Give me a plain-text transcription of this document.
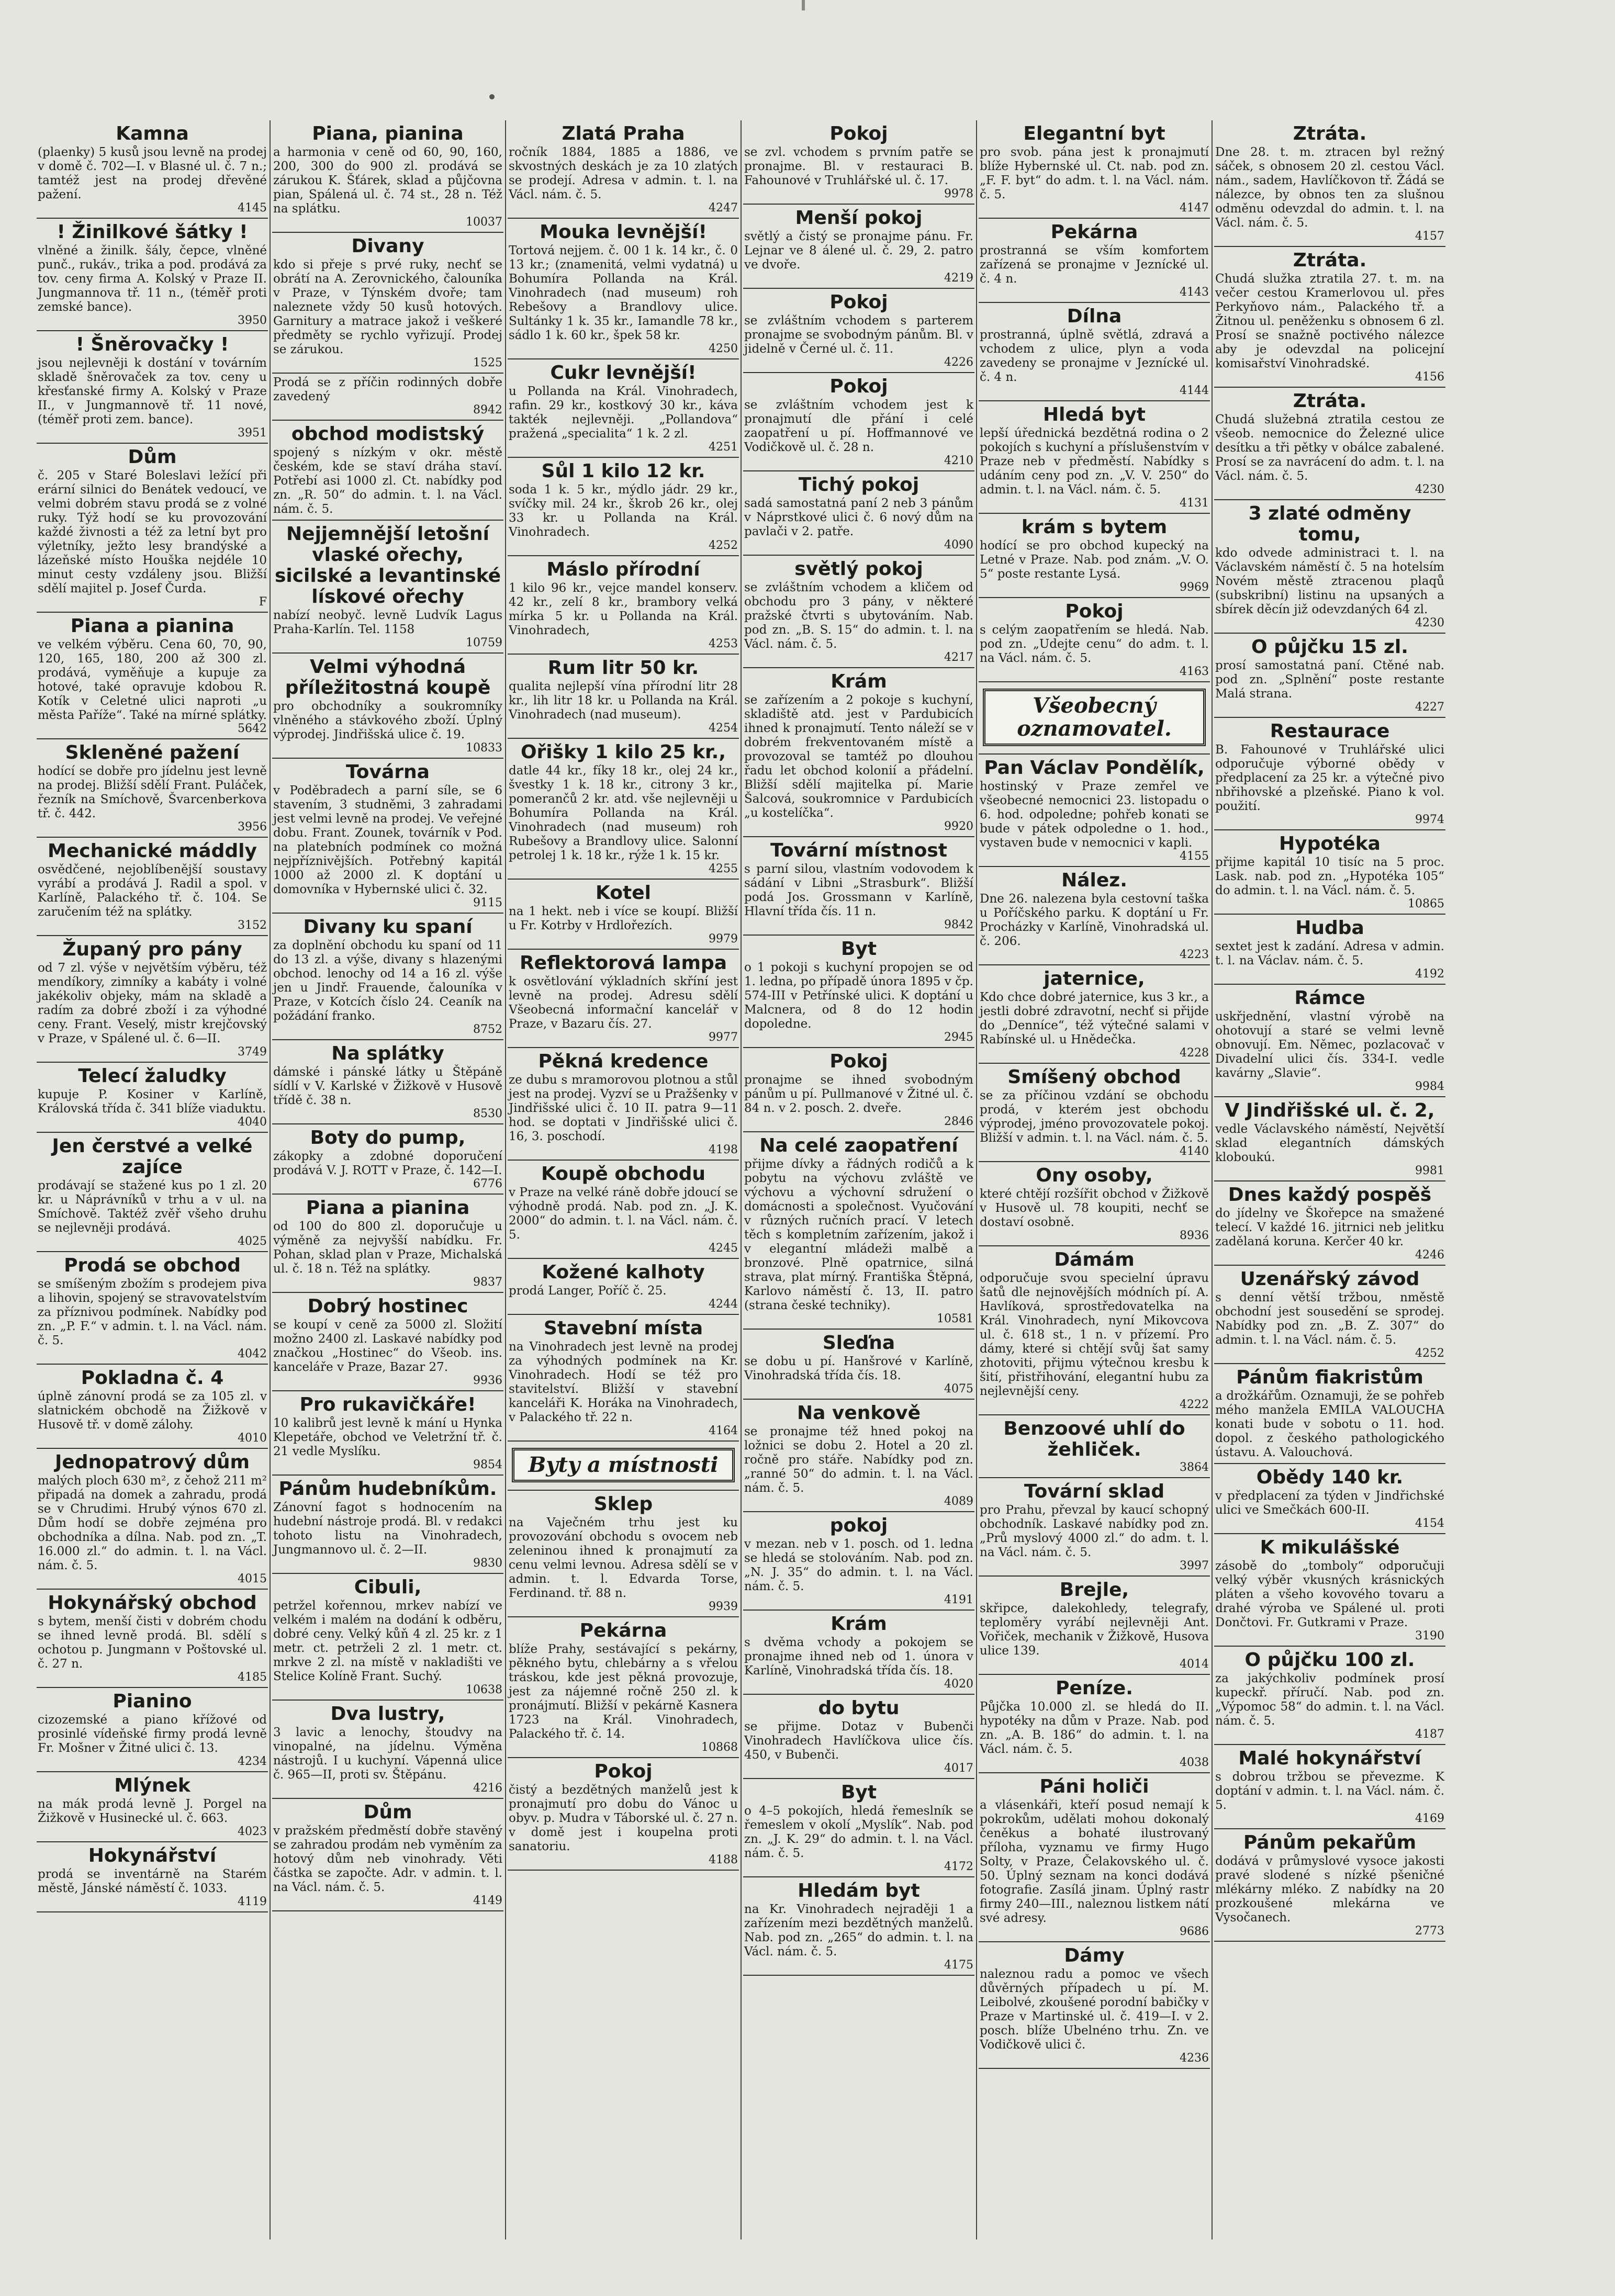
Kamna

(plaenky) 5 kusů jsou levně na prodej v domě č. 702—I. v Blasné ul. č. 7 n.; tamtéž jest na prodej dřevěné pažení.

4145

! Žinilkové šátky !

vlněné a žinilk. šály, čepce, vlněné punč., rukáv., trika a pod. prodává za tov. ceny firma A. Kolský v Praze II. Jungmannova tř. 11 n., (téměř proti zemské bance).

3950

! Šněrovačky !

jsou nejlevněji k dostání v továrním skladě šněrovaček za tov. ceny u křesťanské firmy A. Kolský v Praze II., v Jungmannově tř. 11 nové, (téměř proti zem. bance).

3951

Dům

č. 205 v Staré Boleslavi ležící při erární silnici do Benátek vedoucí, ve velmi dobrém stavu prodá se z volné ruky. Týž hodí se ku provozování každé živnosti a též za letní byt pro výletníky, ježto lesy brandýské a lázeňské místo Houška nejdéle 10 minut cesty vzdáleny jsou. Bližší sdělí majitel p. Josef Čurda.

F

Piana a pianina

ve velkém výběru. Cena 60, 70, 90, 120, 165, 180, 200 až 300 zl. prodává, vyměňuje a kupuje za hotové, také opravuje kdobou R. Kotík v Celetné ulici naproti „u města Paříže“. Také na mírné splátky.

5642

Skleněné pažení

hodící se dobře pro jídelnu jest levně na prodej. Bližší sdělí Frant. Puláček, řezník na Smíchově, Švarcenberkova tř. č. 442.

3956

Mechanické máddly

osvědčené, nejoblíbenější soustavy vyrábí a prodává J. Radil a spol. v Karlíně, Palackého tř. č. 104. Se zaručením též na splátky.

3152

Županý pro pány

od 7 zl. výše v největším výběru, též mendíkory, zimníky a kabáty i volné jakékoliv objeky, mám na skladě a radím za dobré zboží i za výhodné ceny. Frant. Veselý, mistr krejčovský v Praze, v Spálené ul. č. 6—II.

3749

Telecí žaludky

kupuje P. Kosiner v Karlíně, Královská třída č. 341 blíže viaduktu.

4040

Jen čerstvé a velké zajíce

prodávají se stažené kus po 1 zl. 20 kr. u Náprávníků v trhu a v ul. na Smíchově. Taktéž zvěř všeho druhu se nejlevněji prodává.

4025

Prodá se obchod

se smíšeným zbožím s prodejem piva a lihovin, spojený se stravovatelstvím za příznivou podmínek. Nabídky pod zn. „P. F.“ v admin. t. l. na Václ. nám. č. 5.

4042

Pokladna č. 4

úplně zánovní prodá se za 105 zl. v slatnickém obchodě na Žižkově v Husově tř. v domě zálohy.

4010

Jednopatrový dům

malých ploch 630 m², z čehož 211 m² připadá na domek a zahradu, prodá se v Chrudimi. Hrubý výnos 670 zl. Dům hodí se dobře zejména pro obchodníka a dílna. Nab. pod zn. „T. 16.000 zl.“ do admin. t. l. na Václ. nám. č. 5.

4015

Hokynářský obchod

s bytem, menší čisti v dobrém chodu se ihned levně prodá. Bl. sdělí s ochotou p. Jungmann v Poštovské ul. č. 27 n.

4185

Pianino

cizozemské a piano křížové od prosinlé vídeňské firmy prodá levně Fr. Mošner v Žitné ulici č. 13.

4234

Mlýnek

na mák prodá levně J. Porgel na Žižkově v Husinecké ul. č. 663.

4023

Hokynářství

prodá se inventárně na Starém městě, Jánské náměstí č. 1033.

4119

Piana, pianina

a harmonia v ceně od 60, 90, 160, 200, 300 do 900 zl. prodává se zárukou K. Šťárek, sklad a půjčovna pian, Spálená ul. č. 74 st., 28 n. Též na splátku.

10037

Divany

kdo si přeje s prvé ruky, nechť se obrátí na A. Zerovnického, čalouníka v Praze, v Týnském dvoře; tam naleznete vždy 50 kusů hotových. Garnitury a matrace jakož i veškeré předměty se rychlo vyřizují. Prodej se zárukou.

1525

Prodá se z příčin rodinných dobře zavedený

8942

obchod modistský

spojený s nízkým v okr. městě českém, kde se staví dráha staví. Potřebí asi 1000 zl. Ct. nabídky pod zn. „R. 50“ do admin. t. l. na Václ. nám. č. 5.

Nejjemnější letošní vlaské ořechy, sicilské a levantinské lískové ořechy

nabízí neobyč. levně Ludvík Lagus Praha-Karlín. Tel. 1158

10759

Velmi výhodná příležitostná koupě

pro obchodníky a soukromníky vlněného a stávkového zboží. Úplný výprodej. Jindřišská ulice č. 19.

10833

Továrna

v Poděbradech a parní síle, se 6 stavením, 3 studněmi, 3 zahradami jest velmi levně na prodej. Ve veřejné dobu. Frant. Zounek, továrník v Pod. na platebních podmínek co možná nejpříznivějších. Potřebný kapitál 1000 až 2000 zl. K doptání u domovníka v Hybernské ulici č. 32.

9115

Divany ku spaní

za doplnění obchodu ku spaní od 11 do 13 zl. a výše, divany s hlazenými obchod. lenochy od 14 a 16 zl. výše jen u Jindř. Frauende, čalouníka v Praze, v Kotcích číslo 24. Ceaník na požádání franko.

8752

Na splátky

dámské i pánské látky u Štěpáně sídlí v V. Karlské v Žižkově v Husově třídě č. 38 n.

8530

Boty do pump,

zákopky a zdobné doporučení prodává V. J. ROTT v Praze, č. 142—I.

6776

Piana a pianina

od 100 do 800 zl. doporučuje u výměně za nejvyšší nabídku. Fr. Pohan, sklad plan v Praze, Michalská ul. č. 18 n. Též na splátky.

9837

Dobrý hostinec

se koupí v ceně za 5000 zl. Složití možno 2400 zl. Laskavé nabídky pod značkou „Hostinec“ do Všeob. ins. kanceláře v Praze, Bazar 27.

9936

Pro rukavičkáře!

10 kalibrů jest levně k mání u Hynka Klepetáře, obchod ve Veletržní tř. č. 21 vedle Myslíku.

9854

Pánům hudebníkům.

Zánovní fagot s hodnocením na hudební nástroje prodá. Bl. v redakci tohoto listu na Vinohradech, Jungmannovo ul. č. 2—II.

9830

Cibuli,

petržel kořennou, mrkev nabízí ve velkém i malém na dodání k odběru, dobré ceny. Velký kůň 4 zl. 25 kr. z 1 metr. ct. petrželi 2 zl. 1 metr. ct. mrkve 2 zl. na místě v nakladišti ve Stelice Kolíně Frant. Suchý.

10638

Dva lustry,

3 lavic a lenochy, štoudvy na vinopalné, na jídelnu. Výměna nástrojů. I u kuchyní. Vápenná ulice č. 965—II, proti sv. Štěpánu.

4216

Dům

v pražském předměstí dobře stavěný se zahradou prodám neb vyměním za hotový dům neb vinohrady. Věti částka se započte. Adr. v admin. t. l. na Václ. nám. č. 5.

4149

Zlatá Praha

ročník 1884, 1885 a 1886, ve skvostných deskách je za 10 zlatých se prodejí. Adresa v admin. t. l. na Václ. nám. č. 5.

4247

Mouka levnější!

Tortová nejjem. č. 00 1 k. 14 kr., č. 0 13 kr.; (znamenitá, velmi vydatná) u Bohumíra Pollanda na Král. Vinohradech (nad museum) roh Rebešovy a Brandlovy ulice. Sultánky 1 k. 35 kr., Iamandle 78 kr., sádlo 1 k. 60 kr., špek 58 kr.

4250

Cukr levnější!

u Pollanda na Král. Vinohradech, rafin. 29 kr., kostkový 30 kr., káva takték nejlevněji. „Pollandova“ pražená „specialita“ 1 k. 2 zl.

4251

Sůl 1 kilo 12 kr.

soda 1 k. 5 kr., mýdlo jádr. 29 kr., svíčky mil. 24 kr., škrob 26 kr., olej 33 kr. u Pollanda na Král. Vinohradech.

4252

Máslo přírodní

1 kilo 96 kr., vejce mandel konserv. 42 kr., zelí 8 kr., brambory velká mírka 5 kr. u Pollanda na Král. Vinohradech,

4253

Rum litr 50 kr.

qualita nejlepší vína přírodní litr 28 kr., lih litr 18 kr. u Pollanda na Král. Vinohradech (nad museum).

4254

Ořišky 1 kilo 25 kr.,

datle 44 kr., fíky 18 kr., olej 24 kr., švestky 1 k. 18 kr., citrony 3 kr., pomerančů 2 kr. atd. vše nejlevněji u Bohumíra Pollanda na Král. Vinohradech (nad museum) roh Rubešovy a Brandlovy ulice. Salonní petrolej 1 k. 18 kr., rýže 1 k. 15 kr.

4255

Kotel

na 1 hekt. neb i více se koupí. Bližší u Fr. Kotrby v Hrdlořezích.

9979

Reflektorová lampa

k osvětlování výkladních skříní jest levně na prodej. Adresu sdělí Všeobecná informační kancelář v Praze, v Bazaru čís. 27.

9977

Pěkná kredence

ze dubu s mramorovou plotnou a stůl jest na prodej. Vyzví se u Pražšenky v Jindřišské ulici č. 10 II. patra 9—11 hod. se doptati v Jindřišské ulici č. 16, 3. poschodí.

4198

Koupě obchodu

v Praze na velké ráně dobře jdoucí se výhodně prodá. Nab. pod zn. „J. K. 2000“ do admin. t. l. na Václ. nám. č. 5.

4245

Kožené kalhoty

prodá Langer, Poříč č. 25.

4244

Stavební místa

na Vinohradech jest levně na prodej za výhodných podmínek na Kr. Vinohradech. Hodí se též pro stavitelství. Bližší v stavební kanceláři K. Horáka na Vinohradech, v Palackého tř. 22 n.

4164

Byty a místnosti
Sklep

na Vaječném trhu jest ku provozování obchodu s ovocem neb zeleninou ihned k pronajmutí za cenu velmi levnou. Adresa sdělí se v admin. t. l. Edvarda Torse, Ferdinand. tř. 88 n.

9939

Pekárna

blíže Prahy, sestávající s pekárny, pěkného bytu, chlebárny a s vřelou tráskou, kde jest pěkná provozuje, jest za nájemné ročně 250 zl. k pronájmutí. Bližší v pekárně Kasnera 1723 na Král. Vinohradech, Palackého tř. č. 14.

10868

Pokoj

čistý a bezdětných manželů jest k pronajmutí pro dobu do Vánoc u obyv. p. Mudra v Táborské ul. č. 27 n. v domě jest i koupelna proti sanatoriu.

4188

Pokoj

se zvl. vchodem s prvním patře se pronajme. Bl. v restauraci B. Fahounové v Truhlářské ul. č. 17.

9978

Menší pokoj

světlý a čistý se pronajme pánu. Fr. Lejnar ve 8 álené ul. č. 29, 2. patro ve dvoře.

4219

Pokoj

se zvláštním vchodem s parterem pronajme se svobodným pánům. Bl. v jidelně v Černé ul. č. 11.

4226

Pokoj

se zvláštním vchodem jest k pronajmutí dle přání i celé zaopatření u pí. Hoffmannové ve Vodičkově ul. č. 28 n.

4210

Tichý pokoj

sadá samostatná paní 2 neb 3 pánům v Náprstkové ulici č. 6 nový dům na pavlači v 2. patře.

4090

světlý pokoj

se zvláštním vchodem a kličem od obchodu pro 3 pány, v některé pražské čtvrti s ubytováním. Nab. pod zn. „B. S. 15“ do admin. t. l. na Václ. nám. č. 5.

4217

Krám

se zařízením a 2 pokoje s kuchyní, skladiště atd. jest v Pardubicích ihned k pronajmutí. Tento náleží se v dobrém frekventovaném místě a provozoval se tamtéž po dlouhou řadu let obchod kolonií a přádelní. Bližší sdělí majitelka pí. Marie Šalcová, soukromnice v Pardubicích „u kostelíčka“.

9920

Tovární místnost

s parní silou, vlastním vodovodem k sádání v Libni „Strasburk“. Bližší podá Jos. Grossmann v Karlíně, Hlavní třída čís. 11 n.

9842

Byt

o 1 pokoji s kuchyní propojen se od 1. ledna, po případě února 1895 v čp. 574-III v Petřínské ulici. K doptání u Malcnera, od 8 do 12 hodin dopoledne.

2945

Pokoj

pronajme se ihned svobodným pánům u pí. Pullmanové v Žitné ul. č. 84 n. v 2. posch. 2. dveře.

2846

Na celé zaopatření

přijme dívky a řádných rodičů a k pobytu na výchovu zvláště ve výchovu a výchovní sdružení o domácnosti a společnost. Vyučování v různých ručních prací. V letech těch s kompletním zařízením, jakož i v elegantní mládeži malbě a bronzové. Plně opatrnice, silná strava, plat mírný. Františka Štěpná, Karlovo náměstí č. 13, II. patro (strana české techniky).

10581

Sleďna

se dobu u pí. Hanšrové v Karlíně, Vinohradská třída čís. 18.

4075

Na venkově

se pronajme též hned pokoj na ložnici se dobu 2. Hotel a 20 zl. ročně pro stáře. Nabídky pod zn. „ranné 50“ do admin. t. l. na Václ. nám. č. 5.

4089

pokoj

v mezan. neb v 1. posch. od 1. ledna se hledá se stolováním. Nab. pod zn. „N. J. 35“ do admin. t. l. na Václ. nám. č. 5.

4191

Krám

s dvěma vchody a pokojem se pronajme ihned neb od 1. února v Karlíně, Vinohradská třída čís. 18.

4020

do bytu

se přijme. Dotaz v Bubenči Vinohradech Havlíčkova ulice čís. 450, v Bubenči.

4017

Byt

o 4–5 pokojích, hledá řemeslník se řemeslem v okolí „Myslík“. Nab. pod zn. „J. K. 29“ do admin. t. l. na Václ. nám. č. 5.

4172

Hledám byt

na Kr. Vinohradech nejraději 1 a zařízením mezi bezdětných manželů. Nab. pod zn. „265“ do admin. t. l. na Václ. nám. č. 5.

4175

Elegantní byt

pro svob. pána jest k pronajmutí blíže Hybernské ul. Ct. nab. pod zn. „F. F. byt“ do adm. t. l. na Václ. nám. č. 5.

4147

Pekárna

prostranná se vším komfortem zařízená se pronajme v Jeznícké ul. č. 4 n.

4143

Dílna

prostranná, úplně světlá, zdravá a vchodem z ulice, plyn a voda zavedeny se pronajme v Jeznícké ul. č. 4 n.

4144

Hledá byt

lepší úřednická bezdětná rodina o 2 pokojích s kuchyní a příslušenstvím v Praze neb v předměstí. Nabídky s udáním ceny pod zn. „V. V. 250“ do admin. t. l. na Václ. nám. č. 5.

4131

krám s bytem

hodící se pro obchod kupecký na Letné v Praze. Nab. pod znám. „V. O. 5“ poste restante Lysá.

9969

Pokoj

s celým zaopatřením se hledá. Nab. pod zn. „Udejte cenu“ do adm. t. l. na Václ. nám. č. 5.

4163

Všeobecný oznamovatel.
Pan Václav Pondělík,

hostinský v Praze zemřel ve všeobecné nemocnici 23. listopadu o 6. hod. odpoledne; pohřeb konati se bude v pátek odpoledne o 1. hod., vystaven bude v nemocnici v kapli.

4155

Nález.

Dne 26. nalezena byla cestovní taška u Poříčského parku. K doptání u Fr. Procházky v Karlíně, Vinohradská ul. č. 206.

4223

jaternice,

Kdo chce dobré jaternice, kus 3 kr., a jestli dobré zdravotní, nechť si přijde do „Denníce“, též výtečné salami v Rabínské ul. u Hnědečka.

4228

Smíšený obchod

se za příčinou vzdání se obchodu prodá, v kterém jest obchodu výprodej, jméno provozovatele pokoj. Bližší v admin. t. l. na Václ. nám. č. 5.

4140

Ony osoby,

které chtějí rozšířit obchod v Žižkově v Husově ul. 78 koupiti, nechť se dostaví osobně.

8936

Dámám

odporučuje svou specielní úpravu šatů dle nejnovějších módních pí. A. Havlíková, sprostředovatelka na Král. Vinohradech, nyní Mikovcova ul. č. 618 st., 1 n. v přízemí. Pro dámy, které si chtějí svůj šat samy zhotoviti, přijmu výtečnou kresbu k šití, přistřihování, elegantní hubu za nejlevnější ceny.

4222

Benzoové uhlí do žehliček.

3864

Tovární sklad

pro Prahu, převzal by kaucí schopný obchodník. Laskavé nabídky pod zn. „Prů myslový 4000 zl.“ do adm. t. l. na Václ. nám. č. 5.

3997

Brejle,

skřipce, dalekohledy, telegrafy, teploměry vyrábí nejlevněji Ant. Vořiček, mechanik v Žižkově, Husova ulice 139.

4014

Peníze.

Půjčka 10.000 zl. se hledá do II. hypotéky na dům v Praze. Nab. pod zn. „A. B. 186“ do admin. t. l. na Václ. nám. č. 5.

4038

Páni holiči

a vlásenkáři, kteří posud nemají k pokrokům, udělati mohou dokonalý čeněkus a bohaté ilustrovaný příloha, vyznamu ve firmy Hugo Solty, v Praze, Čelakovského ul. č. 50. Úplný seznam na konci dodává fotografie. Zasílá jinam. Úplný rastr firmy 240—III., naleznou listkem nátí své adresy.

9686

Dámy

naleznou radu a pomoc ve všech důvěrných případech u pí. M. Leibolvé, zkoušené porodní babičky v Praze v Martinské ul. č. 419—I. v 2. posch. blíže Ubelnéno trhu. Zn. ve Vodičkově ulici č.

4236

Ztráta.

Dne 28. t. m. ztracen byl režný sáček, s obnosem 20 zl. cestou Václ. nám., sadem, Havlíčkovon tř. Žádá se nálezce, by obnos ten za slušnou odměnu odevzdal do admin. t. l. na Václ. nám. č. 5.

4157

Ztráta.

Chudá služka ztratila 27. t. m. na večer cestou Kramerlovou ul. přes Perkyňovo nám., Palackého tř. a Žitnou ul. peněženku s obnosem 6 zl. Prosí se snažně poctivého nálezce aby je odevzdal na policejní komisařství Vinohradské.

4156

Ztráta.

Chudá služebná ztratila cestou ze všeob. nemocnice do Železné ulice desítku a tři pětky v obálce zabalené. Prosí se za navrácení do adm. t. l. na Václ. nám. č. 5.

4230

3 zlaté odměny tomu,

kdo odvede administraci t. l. na Václavském náměstí č. 5 na hotelsím Novém městě ztracenou plaqů (subskribní) listinu na upsaných a sbírek děcín již odevzdaných 64 zl.

4230

O půjčku 15 zl.

prosí samostatná paní. Ctěné nab. pod zn. „Splnění“ poste restante Malá strana.

4227

Restaurace

B. Fahounové v Truhlářské ulici odporučuje výborné obědy v předplacení za 25 kr. a výtečné pivo nbřihovské a plzeňské. Piano k vol. použití.

9974

Hypotéka

přijme kapitál 10 tisíc na 5 proc. Lask. nab. pod zn. „Hypotéka 105“ do admin. t. l. na Václ. nám. č. 5.

10865

Hudba

sextet jest k zadání. Adresa v admin. t. l. na Václav. nám. č. 5.

4192

Rámce

uskřjednění, vlastní výrobě na ohotovují a staré se velmi levně obnovují. Em. Němec, pozlacovač v Divadelní ulici čís. 334-I. vedle kavárny „Slavie“.

9984

V Jindřišské ul. č. 2,

vedle Václavského náměstí, Největší sklad elegantních dámských kloboukú.

9981

Dnes každý pospěš

do jídelny ve Škořepce na smažené telecí. V každé 16. jitrnici neb jelitku zadělaná koruna. Kerčer 40 kr.

4246

Uzenářský závod

s denní větší tržbou, nměstě obchodní jest sousedění se sprodej. Nabídky pod zn. „B. Z. 307“ do admin. t. l. na Václ. nám. č. 5.

4252

Pánům fiakristům

a drožkářům. Oznamuji, že se pohřeb mého manžela EMILA VALOUCHA konati bude v sobotu o 11. hod. dopol. z českého pathologického ústavu. A. Valouchová.

Obědy 140 kr.

v předplacení za týden v Jindřichské ulici ve Smečkách 600-II.

4154

K mikulášské

zásobě do „tomboly“ odporučuji velký výběr vkusných krásnických pláten a všeho kovového tovaru a drahé výroba ve Spálené ul. proti Dončtovi. Fr. Gutkrami v Praze.

3190

O půjčku 100 zl.

za jakýchkoliv podmínek prosí kupeckř. příručí. Nab. pod zn. „Výpomoc 58“ do admin. t. l. na Václ. nám. č. 5.

4187

Malé hokynářství

s dobrou tržbou se převezme. K doptání v admin. t. l. na Václ. nám. č. 5.

4169

Pánům pekařům

dodává v průmyslové vysoce jakosti pravé slodené s nízké pšeničné mlékárny mléko. Z nabídky na 20 prozkoušené mlekárna ve Vysočanech.

2773
